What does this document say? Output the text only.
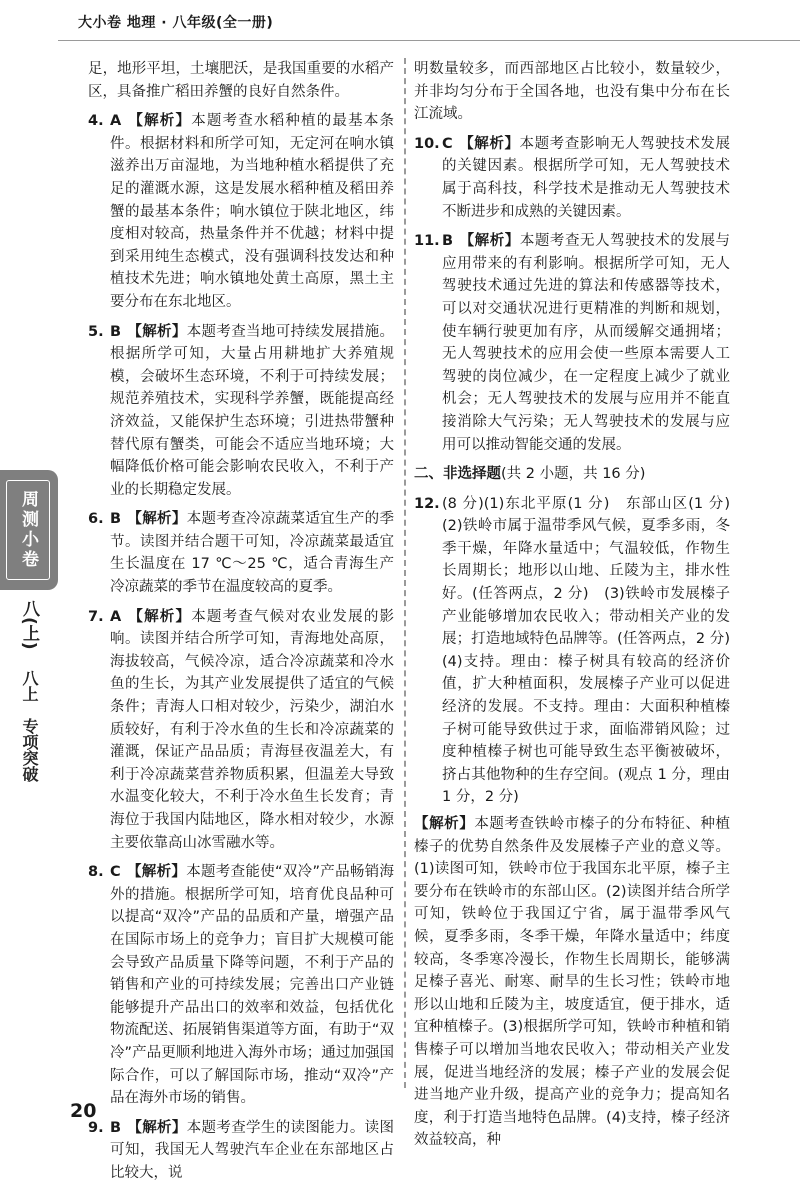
大小卷 地理 · 八年级(全一册)
周测小卷
八(上)
八上　专项突破

足，地形平坦，土壤肥沃，是我国重要的水稻产区，具备推广稻田养蟹的良好自然条件。

4. A 【解析】本题考查水稻种植的最基本条件。根据材料和所学可知，无定河在响水镇滋养出万亩湿地，为当地种植水稻提供了充足的灌溉水源，这是发展水稻种植及稻田养蟹的最基本条件；响水镇位于陕北地区，纬度相对较高，热量条件并不优越；材料中提到采用纯生态模式，没有强调科技发达和种植技术先进；响水镇地处黄土高原，黑土主要分布在东北地区。

5. B 【解析】本题考查当地可持续发展措施。根据所学可知，大量占用耕地扩大养殖规模，会破坏生态环境，不利于可持续发展；规范养殖技术，实现科学养蟹，既能提高经济效益，又能保护生态环境；引进热带蟹种替代原有蟹类，可能会不适应当地环境；大幅降低价格可能会影响农民收入，不利于产业的长期稳定发展。

6. B 【解析】本题考查冷凉蔬菜适宜生产的季节。读图并结合题干可知，冷凉蔬菜最适宜生长温度在 17 ℃～25 ℃，适合青海生产冷凉蔬菜的季节在温度较高的夏季。

7. A 【解析】本题考查气候对农业发展的影响。读图并结合所学可知，青海地处高原，海拔较高，气候冷凉，适合冷凉蔬菜和冷水鱼的生长，为其产业发展提供了适宜的气候条件；青海人口相对较少，污染少，湖泊水质较好，有利于冷水鱼的生长和冷凉蔬菜的灌溉，保证产品品质；青海昼夜温差大，有利于冷凉蔬菜营养物质积累，但温差大导致水温变化较大，不利于冷水鱼生长发育；青海位于我国内陆地区，降水相对较少，水源主要依靠高山冰雪融水等。

8. C 【解析】本题考查能使“双冷”产品畅销海外的措施。根据所学可知，培育优良品种可以提高“双冷”产品的品质和产量，增强产品在国际市场上的竞争力；盲目扩大规模可能会导致产品质量下降等问题，不利于产品的销售和产业的可持续发展；完善出口产业链能够提升产品出口的效率和效益，包括优化物流配送、拓展销售渠道等方面，有助于“双冷”产品更顺利地进入海外市场；通过加强国际合作，可以了解国际市场，推动“双冷”产品在海外市场的销售。

9. B 【解析】本题考查学生的读图能力。读图可知，我国无人驾驶汽车企业在东部地区占比较大，说

明数量较多，而西部地区占比较小，数量较少，并非均匀分布于全国各地，也没有集中分布在长江流域。

10. C 【解析】本题考查影响无人驾驶技术发展的关键因素。根据所学可知，无人驾驶技术属于高科技，科学技术是推动无人驾驶技术不断进步和成熟的关键因素。

11. B 【解析】本题考查无人驾驶技术的发展与应用带来的有利影响。根据所学可知，无人驾驶技术通过先进的算法和传感器等技术，可以对交通状况进行更精准的判断和规划，使车辆行驶更加有序，从而缓解交通拥堵；无人驾驶技术的应用会使一些原本需要人工驾驶的岗位减少，在一定程度上减少了就业机会；无人驾驶技术的发展与应用并不能直接消除大气污染；无人驾驶技术的发展与应用可以推动智能交通的发展。

二、非选择题(共 2 小题，共 16 分)

12. (8 分)(1)东北平原(1 分)　东部山区(1 分)　(2)铁岭市属于温带季风气候，夏季多雨，冬季干燥，年降水量适中；气温较低，作物生长周期长；地形以山地、丘陵为主，排水性好。(任答两点，2 分)　(3)铁岭市发展榛子产业能够增加农民收入；带动相关产业的发展；打造地域特色品牌等。(任答两点，2 分)　(4)支持。理由：榛子树具有较高的经济价值，扩大种植面积，发展榛子产业可以促进经济的发展。不支持。理由：大面积种植榛子树可能导致供过于求，面临滞销风险；过度种植榛子树也可能导致生态平衡被破坏，挤占其他物种的生存空间。(观点 1 分，理由 1 分，2 分)

【解析】本题考查铁岭市榛子的分布特征、种植榛子的优势自然条件及发展榛子产业的意义等。(1)读图可知，铁岭市位于我国东北平原，榛子主要分布在铁岭市的东部山区。(2)读图并结合所学可知，铁岭位于我国辽宁省，属于温带季风气候，夏季多雨，冬季干燥，年降水量适中；纬度较高，冬季寒冷漫长，作物生长周期长，能够满足榛子喜光、耐寒、耐旱的生长习性；铁岭市地形以山地和丘陵为主，坡度适宜，便于排水，适宜种植榛子。(3)根据所学可知，铁岭市种植和销售榛子可以增加当地农民收入；带动相关产业发展，促进当地经济的发展；榛子产业的发展会促进当地产业升级，提高产业的竞争力；提高知名度，利于打造当地特色品牌。(4)支持，榛子经济效益较高，种

20
